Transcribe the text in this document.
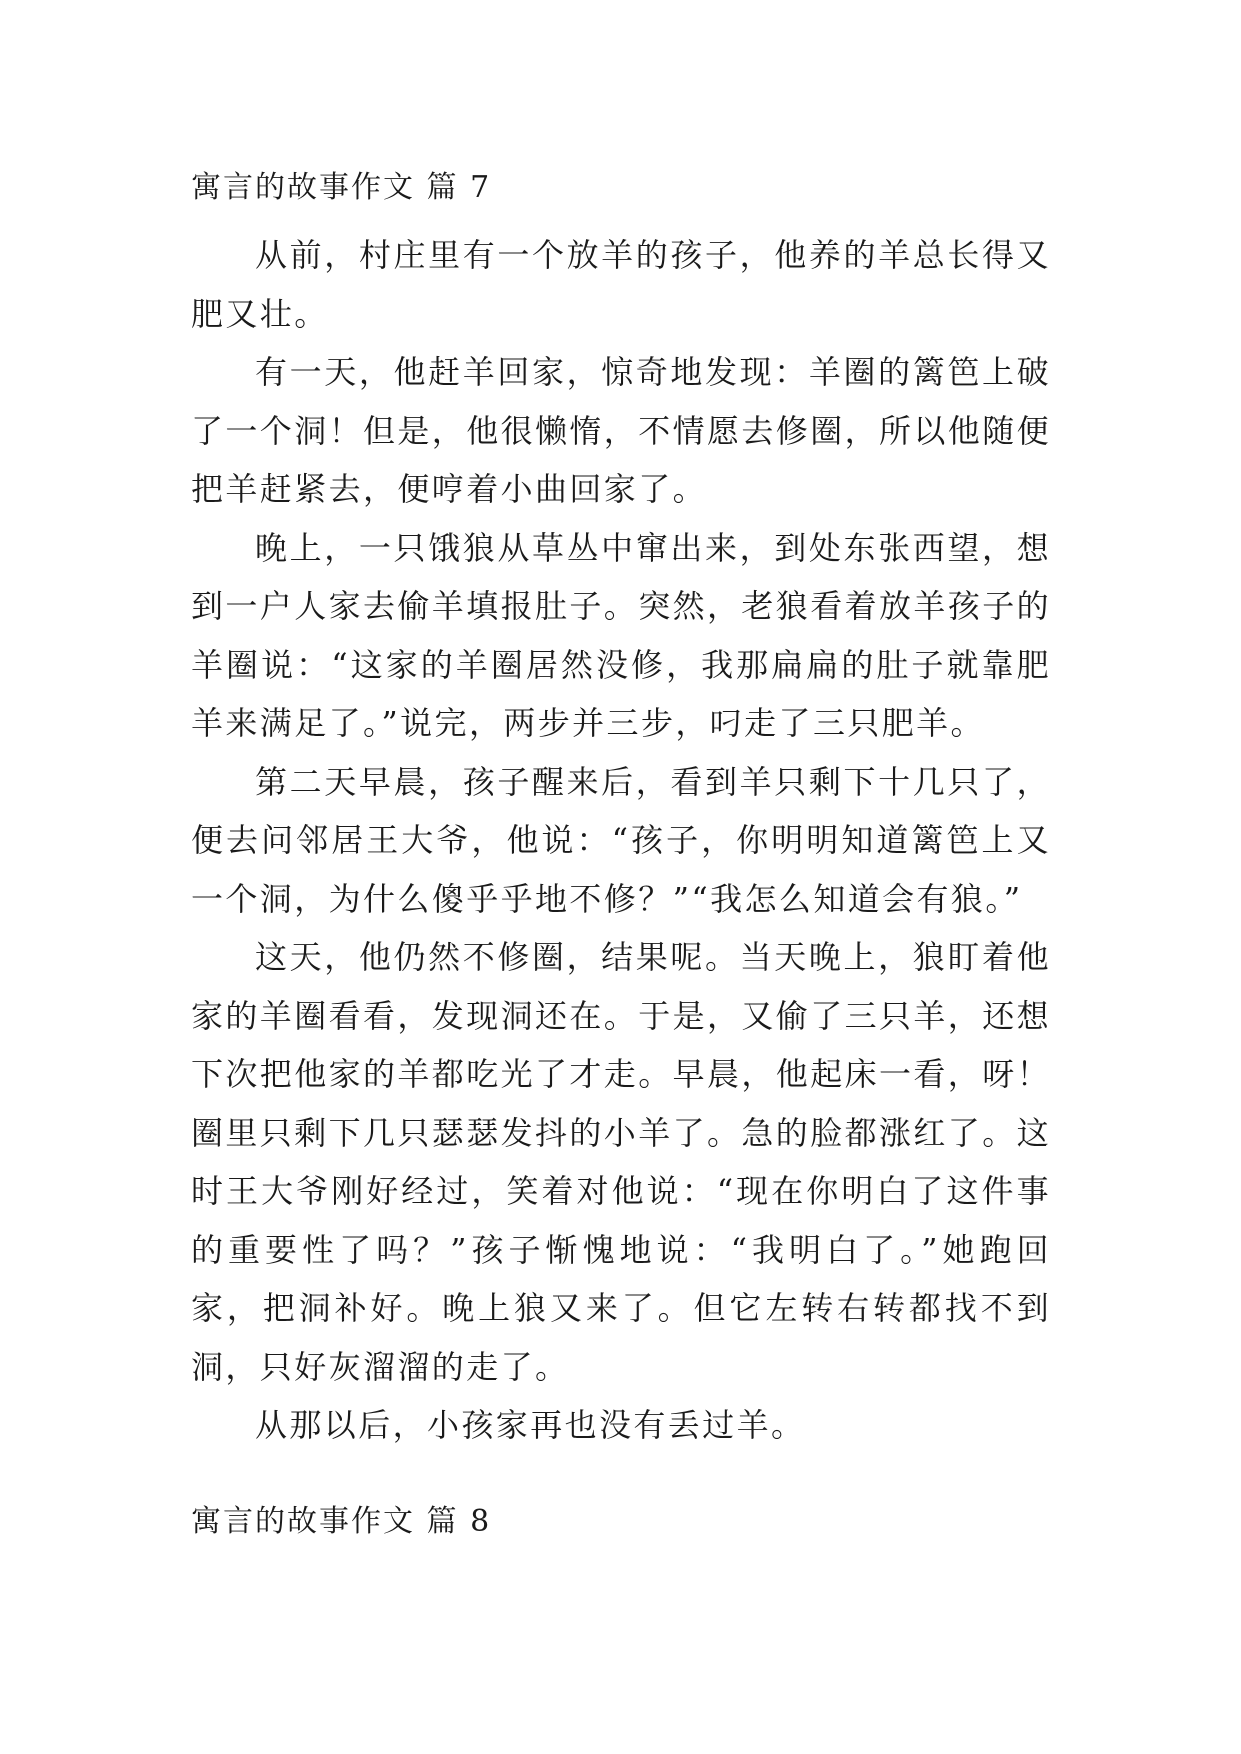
寓言的故事作文 篇 7

从前，村庄里有一个放羊的孩子，他养的羊总长得又肥又壮。

有一天，他赶羊回家，惊奇地发现：羊圈的篱笆上破了一个洞！但是，他很懒惰，不情愿去修圈，所以他随便把羊赶紧去，便哼着小曲回家了。

晚上，一只饿狼从草丛中窜出来，到处东张西望，想到一户人家去偷羊填报肚子。突然，老狼看着放羊孩子的羊圈说：“这家的羊圈居然没修，我那扁扁的肚子就靠肥羊来满足了。”说完，两步并三步，叼走了三只肥羊。

第二天早晨，孩子醒来后，看到羊只剩下十几只了，便去问邻居王大爷，他说：“孩子，你明明知道篱笆上又一个洞，为什么傻乎乎地不修？”“我怎么知道会有狼。”

这天，他仍然不修圈，结果呢。当天晚上，狼盯着他家的羊圈看看，发现洞还在。于是，又偷了三只羊，还想下次把他家的羊都吃光了才走。早晨，他起床一看，呀！圈里只剩下几只瑟瑟发抖的小羊了。急的脸都涨红了。这时王大爷刚好经过，笑着对他说：“现在你明白了这件事的重要性了吗？”孩子惭愧地说：“我明白了。”她跑回家，把洞补好。晚上狼又来了。但它左转右转都找不到洞，只好灰溜溜的走了。

从那以后，小孩家再也没有丢过羊。

寓言的故事作文 篇 8
